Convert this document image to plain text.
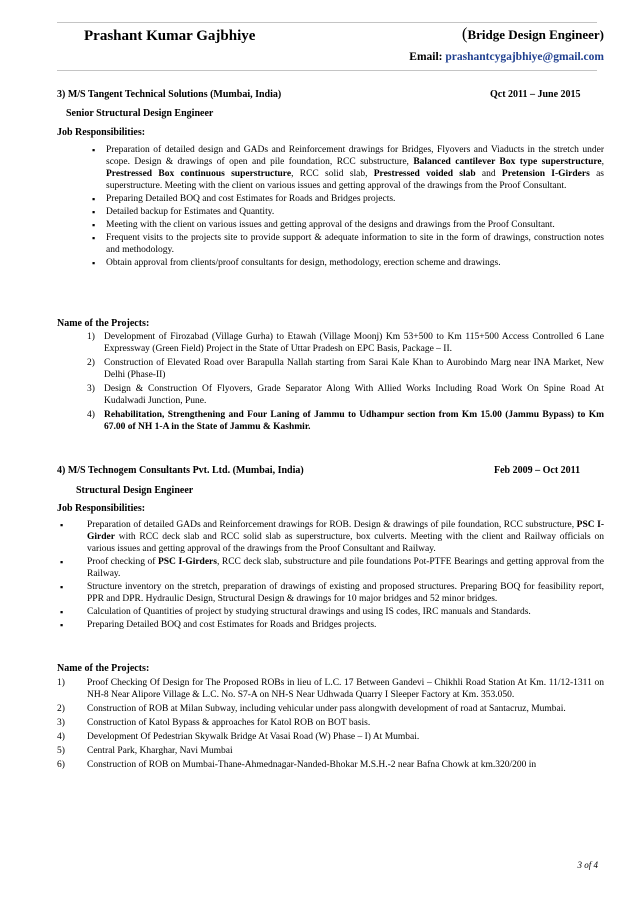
Prashant Kumar Gajbhiye	(Bridge Design Engineer)
Email: prashantcygajbhiye@gmail.com
3) M/S Tangent Technical Solutions (Mumbai, India)	Qct 2011 – June 2015
Senior Structural Design Engineer
Job Responsibilities:
▪ Preparation of detailed design and GADs and Reinforcement drawings for Bridges, Flyovers and Viaducts in the stretch under scope. Design & drawings of open and pile foundation, RCC substructure, Balanced cantilever Box type superstructure, Prestressed Box continuous superstructure, RCC solid slab, Prestressed voided slab and Pretension I-Girders as superstructure. Meeting with the client on various issues and getting approval of the drawings from the Proof Consultant.
▪ Preparing Detailed BOQ and cost Estimates for Roads and Bridges projects.
▪ Detailed backup for Estimates and Quantity.
▪ Meeting with the client on various issues and getting approval of the designs and drawings from the Proof Consultant.
▪ Frequent visits to the projects site to provide support & adequate information to site in the form of drawings, construction notes and methodology.
▪ Obtain approval from clients/proof consultants for design, methodology, erection scheme and drawings.
Name of the Projects:
1) Development of Firozabad (Village Gurha) to Etawah (Village Moonj) Km 53+500 to Km 115+500 Access Controlled 6 Lane Expressway (Green Field) Project in the State of Uttar Pradesh on EPC Basis, Package – II.
2) Construction of Elevated Road over Barapulla Nallah starting from Sarai Kale Khan to Aurobindo Marg near INA Market, New Delhi (Phase-II)
3) Design & Construction Of Flyovers, Grade Separator Along With Allied Works Including Road Work On Spine Road At Kudalwadi Junction, Pune.
4) Rehabilitation, Strengthening and Four Laning of Jammu to Udhampur section from Km 15.00 (Jammu Bypass) to Km 67.00 of NH 1-A in the State of Jammu & Kashmir.
4) M/S Technogem Consultants Pvt. Ltd. (Mumbai, India)	Feb 2009 – Oct 2011
Structural Design Engineer
Job Responsibilities:
▪ Preparation of detailed GADs and Reinforcement drawings for ROB. Design & drawings of pile foundation, RCC substructure, PSC I-Girder with RCC deck slab and RCC solid slab as superstructure, box culverts. Meeting with the client and Railway officials on various issues and getting approval of the drawings from the Proof Consultant and Railway.
▪ Proof checking of PSC I-Girders, RCC deck slab, substructure and pile foundations Pot-PTFE Bearings and getting approval from the Railway.
▪ Structure inventory on the stretch, preparation of drawings of existing and proposed structures. Preparing BOQ for feasibility report, PPR and DPR. Hydraulic Design, Structural Design & drawings for 10 major bridges and 52 minor bridges.
▪ Calculation of Quantities of project by studying structural drawings and using IS codes, IRC manuals and Standards.
▪ Preparing Detailed BOQ and cost Estimates for Roads and Bridges projects.
Name of the Projects:
1) Proof Checking Of Design for The Proposed ROBs in lieu of L.C. 17 Between Gandevi – Chikhli Road Station At Km. 11/12-1311 on NH-8 Near Alipore Village & L.C. No. S7-A on NH-S Near Udhwada Quarry I Sleeper Factory at Km. 353.050.
2) Construction of ROB at Milan Subway, including vehicular under pass alongwith development of road at Santacruz, Mumbai.
3) Construction of Katol Bypass & approaches for Katol ROB on BOT basis.
4) Development Of Pedestrian Skywalk Bridge At Vasai Road (W) Phase – I) At Mumbai.
5) Central Park, Kharghar, Navi Mumbai
6) Construction of ROB on Mumbai-Thane-Ahmednagar-Nanded-Bhokar M.S.H.-2 near Bafna Chowk at km.320/200 in
3 of 4
